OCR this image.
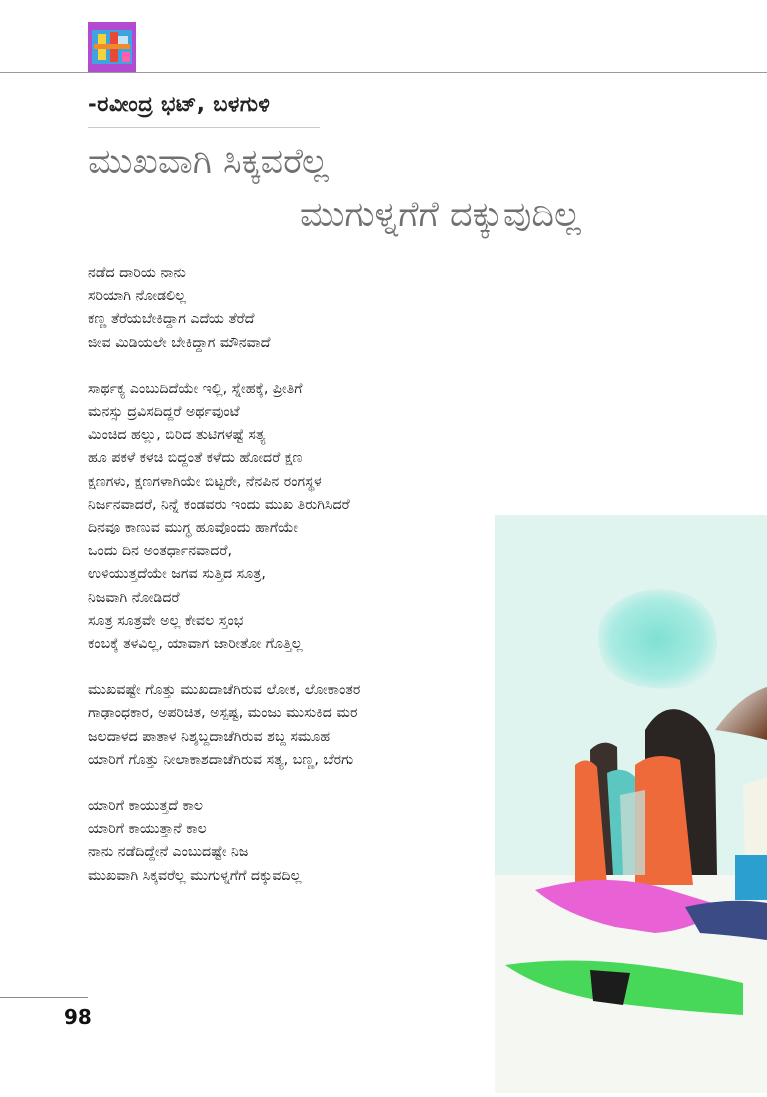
-ರವೀಂದ್ರ ಭಟ್, ಬಳಗುಳಿ
ಮುಖವಾಗಿ ಸಿಕ್ಕವರೆಲ್ಲ
ಮುಗುಳ್ನಗೆಗೆ ದಕ್ಕುವುದಿಲ್ಲ
ನಡೆದ ದಾರಿಯ ನಾನು
ಸರಿಯಾಗಿ ನೋಡಲಿಲ್ಲ
ಕಣ್ಣ ತೆರೆಯಬೇಕಿದ್ದಾಗ ಎದೆಯ ತೆರೆದೆ
ಜೀವ ಮಿಡಿಯಲೇ ಬೇಕಿದ್ದಾಗ ಮೌನವಾದೆ
ಸಾರ್ಥಕ್ಯ ಎಂಬುದಿದೆಯೇ ಇಲ್ಲಿ, ಸ್ನೇಹಕ್ಕೆ, ಪ್ರೀತಿಗೆ
ಮನಸ್ಸು ದ್ರವಿಸದಿದ್ದರೆ ಅರ್ಥವುಂಟೆ
ಮಿಂಚಿದ ಹಲ್ಲು, ಬಿರಿದ ತುಟಿಗಳಷ್ಟೆ ಸತ್ಯ
ಹೂ ಪಕಳೆ ಕಳಚಿ ಬಿದ್ದಂತೆ ಕಳೆದು ಹೋದರೆ ಕ್ಷಣ
ಕ್ಷಣಗಳು, ಕ್ಷಣಗಳಾಗಿಯೇ ಬಿಟ್ಟರೇ, ನೆನಪಿನ ರಂಗಸ್ಥಳ
ನಿರ್ಜನವಾದರೆ, ನಿನ್ನೆ ಕಂಡವರು ಇಂದು ಮುಖ ತಿರುಗಿಸಿದರೆ
ದಿನವೂ ಕಾಣುವ ಮುಗ್ಧ ಹೂವೊಂದು ಹಾಗೆಯೇ
ಒಂದು ದಿನ ಅಂತರ್ಧಾನವಾದರೆ,
ಉಳಿಯುತ್ತದೆಯೇ ಜಗವ ಸುತ್ತಿದ ಸೂತ್ರ,
ನಿಜವಾಗಿ ನೋಡಿದರೆ
ಸೂತ್ರ ಸೂತ್ರವೇ ಅಲ್ಲ ಕೇವಲ ಸ್ತಂಭ
ಕಂಬಕ್ಕೆ ತಳವಿಲ್ಲ, ಯಾವಾಗ ಜಾರೀತೋ ಗೊತ್ತಿಲ್ಲ
ಮುಖವಷ್ಟೇ ಗೊತ್ತು ಮುಖದಾಚೆಗಿರುವ ಲೋಕ, ಲೋಕಾಂತರ
ಗಾಢಾಂಧಕಾರ, ಅಪರಿಚಿತ, ಅಸ್ಪಷ್ಟ, ಮಂಜು ಮುಸುಕಿದ ಮರ
ಜಲದಾಳದ ಪಾತಾಳ ನಿಶ್ಶಬ್ದದಾಚೆಗಿರುವ ಶಬ್ದ ಸಮೂಹ
ಯಾರಿಗೆ ಗೊತ್ತು ನೀಲಾಕಾಶದಾಚೆಗಿರುವ ಸತ್ಯ, ಬಣ್ಣ, ಬೆರಗು
ಯಾರಿಗೆ ಕಾಯುತ್ತದೆ ಕಾಲ
ಯಾರಿಗೆ ಕಾಯುತ್ತಾನೆ ಕಾಲ
ನಾನು ನಡೆದಿದ್ದೇನೆ ಎಂಬುದಷ್ಟೇ ನಿಜ
ಮುಖವಾಗಿ ಸಿಕ್ಕವರೆಲ್ಲ ಮುಗುಳ್ನಗೆಗೆ ದಕ್ಕುವದಿಲ್ಲ
98
